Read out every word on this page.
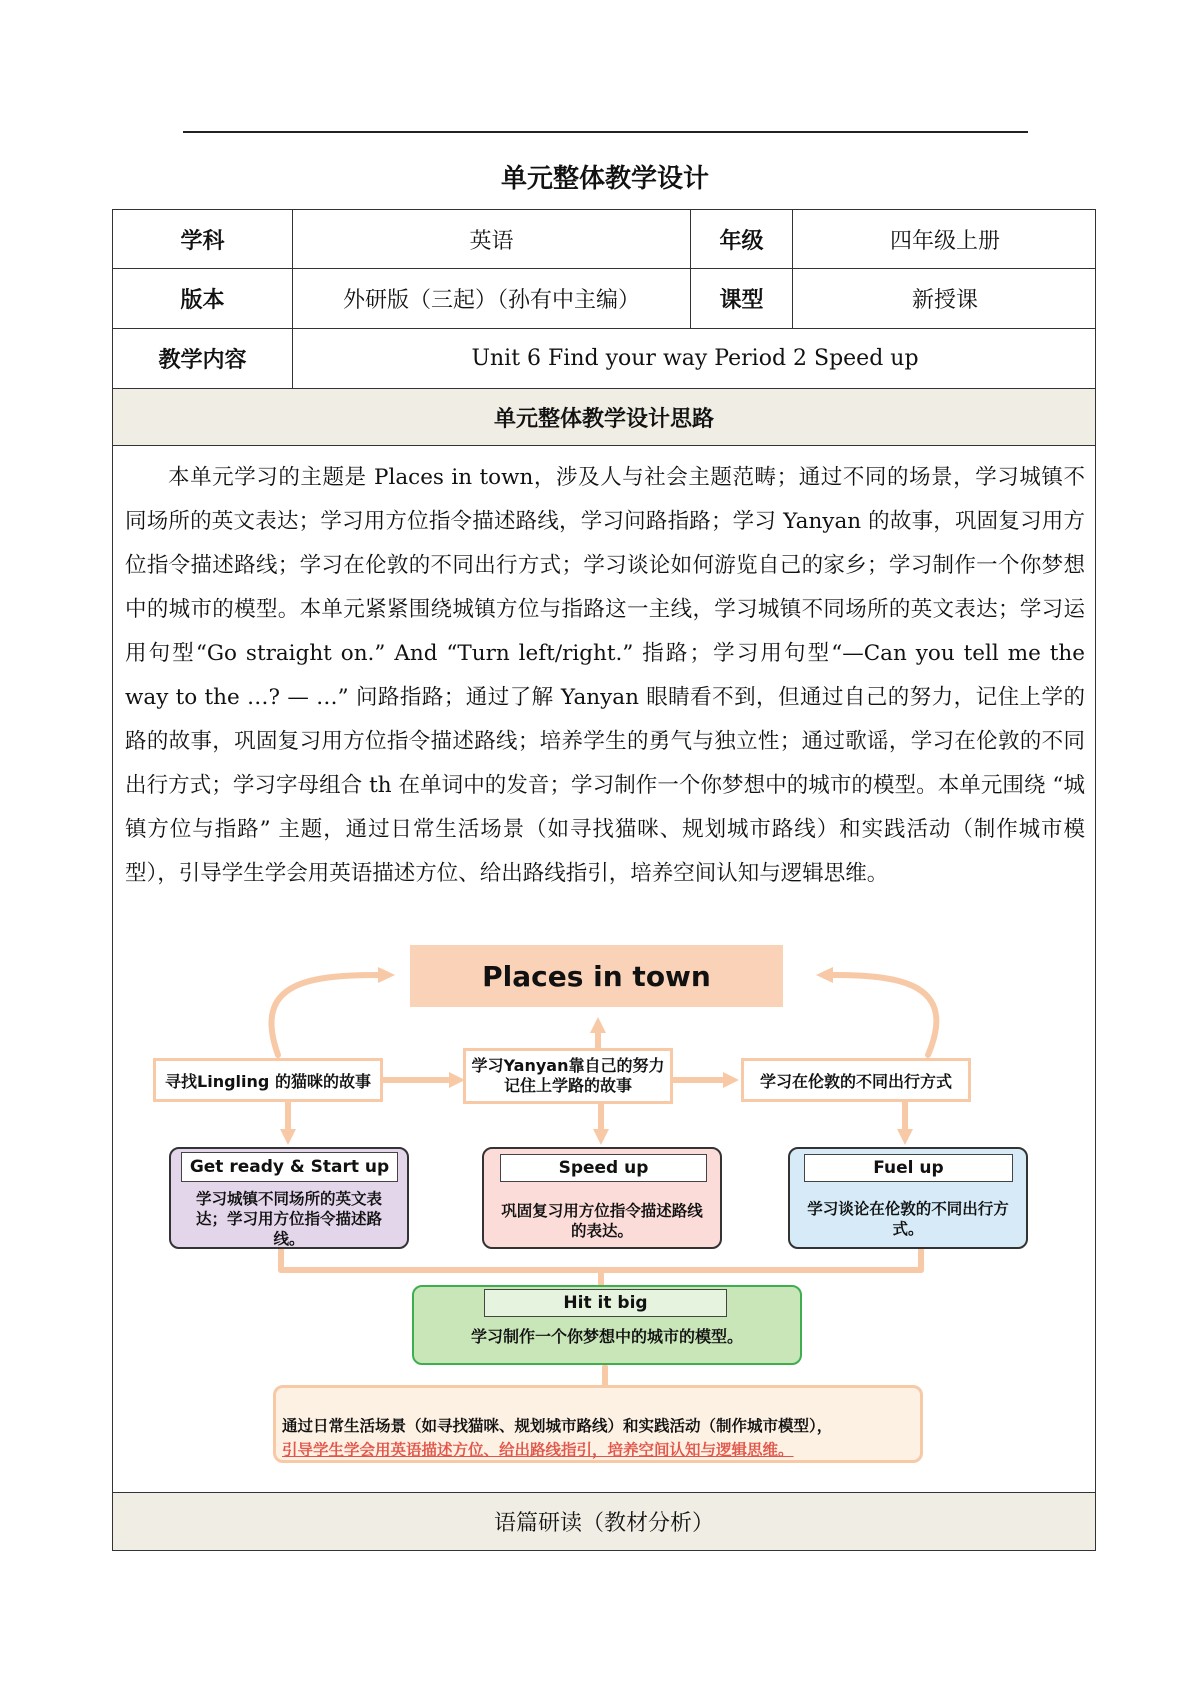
单元整体教学设计
学科	英语	年级	四年级上册
版本	外研版（三起）（孙有中主编）	课型	新授课
教学内容	Unit 6 Find your way Period 2 Speed up
单元整体教学设计思路
本单元学习的主题是 Places in town，涉及人与社会主题范畴；通过不同的场景，学习城镇不同场所的英文表达；学习用方位指令描述路线，学习问路指路；学习 Yanyan 的故事，巩固复习用方位指令描述路线；学习在伦敦的不同出行方式；学习谈论如何游览自己的家乡；学习制作一个你梦想中的城市的模型。本单元紧紧围绕城镇方位与指路这一主线，学习城镇不同场所的英文表达；学习运用句型“Go straight on.” And “Turn left/right.” 指路；学习用句型“—Can you tell me the way to the …? — …” 问路指路；通过了解 Yanyan 眼睛看不到，但通过自己的努力，记住上学的路的故事，巩固复习用方位指令描述路线；培养学生的勇气与独立性；通过歌谣，学习在伦敦的不同出行方式；学习字母组合 th 在单词中的发音；学习制作一个你梦想中的城市的模型。本单元围绕 “城镇方位与指路” 主题，通过日常生活场景（如寻找猫咪、规划城市路线）和实践活动（制作城市模型），引导学生学会用英语描述方位、给出路线指引，培养空间认知与逻辑思维。
Places in town
寻找Lingling 的猫咪的故事
学习Yanyan靠自己的努力
记住上学路的故事	学习在伦敦的不同出行方式
Get ready & Start up
学习城镇不同场所的英文表达；学习用方位指令描述路线。
Speed up
巩固复习用方位指令描述路线的表达。
Fuel up
学习谈论在伦敦的不同出行方式。
Hit it big
学习制作一个你梦想中的城市的模型。
通过日常生活场景（如寻找猫咪、规划城市路线）和实践活动（制作城市模型），
引导学生学会用英语描述方位、给出路线指引，培养空间认知与逻辑思维。
语篇研读（教材分析）
